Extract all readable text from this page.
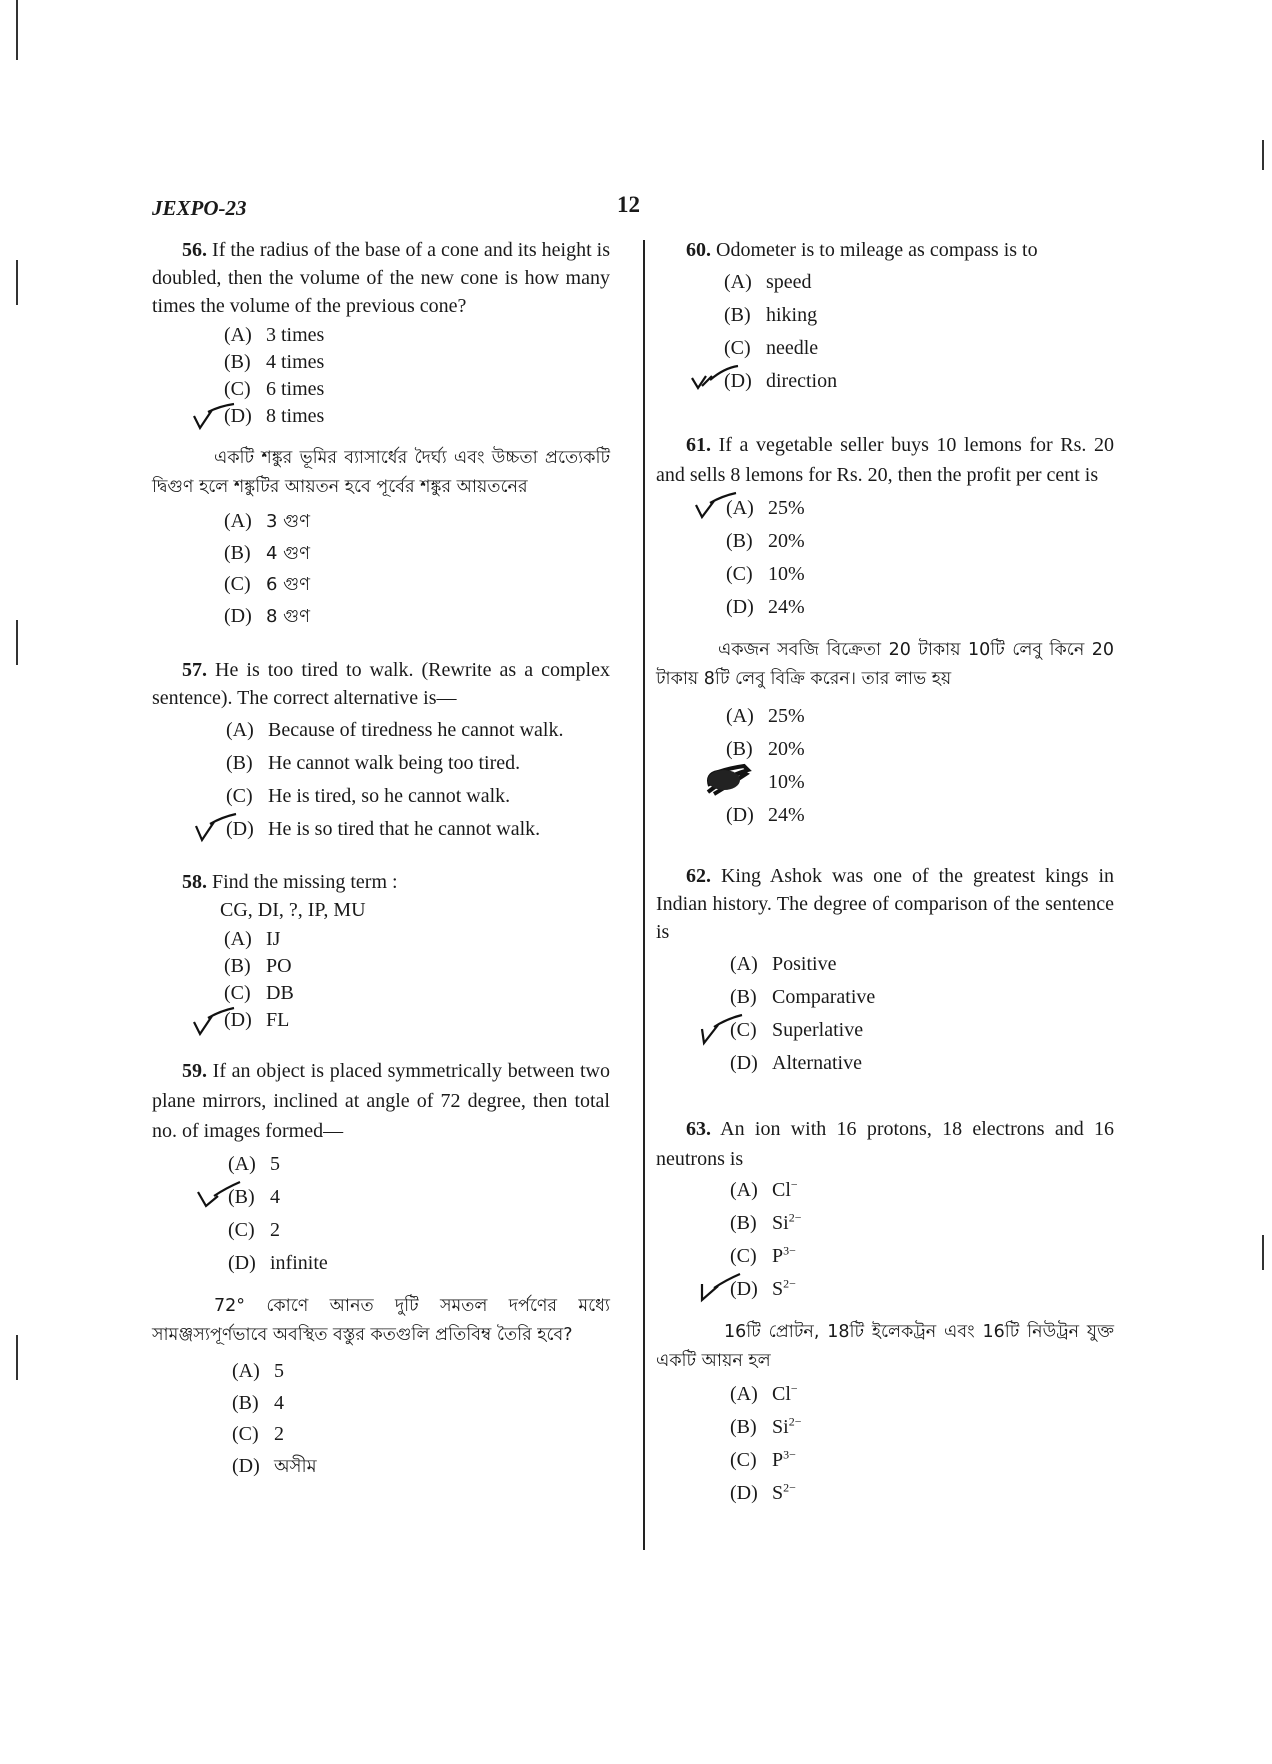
JEXPO-23	12

56. If the radius of the base of a cone and its height is doubled, then the volume of the new cone is how many times the volume of the previous cone?

(A) 3 times
(B) 4 times
(C) 6 times
(D) 8 times

একটি শঙ্কুর ভূমির ব্যাসার্ধের দৈর্ঘ্য এবং উচ্চতা প্রত্যেকটি দ্বিগুণ হলে শঙ্কুটির আয়তন হবে পূর্বের শঙ্কুর আয়তনের

(A) 3 গুণ
(B) 4 গুণ
(C) 6 গুণ
(D) 8 গুণ

57. He is too tired to walk. (Rewrite as a complex sentence). The correct alternative is—

(A) Because of tiredness he cannot walk.
(B) He cannot walk being too tired.
(C) He is tired, so he cannot walk.
(D) He is so tired that he cannot walk.

58. Find the missing term :

CG, DI, ?, IP, MU

(A) IJ
(B) PO
(C) DB
(D) FL

59. If an object is placed symmetrically between two plane mirrors, inclined at angle of 72 degree, then total no. of images formed—

(A) 5
(B) 4
(C) 2
(D) infinite

72° কোণে আনত দুটি সমতল দর্পণের মধ্যে সামঞ্জস্যপূর্ণভাবে অবস্থিত বস্তুর কতগুলি প্রতিবিম্ব তৈরি হবে?

(A) 5
(B) 4
(C) 2
(D) অসীম

60. Odometer is to mileage as compass is to

(A) speed
(B) hiking
(C) needle
(D) direction

61. If a vegetable seller buys 10 lemons for Rs. 20 and sells 8 lemons for Rs. 20, then the profit per cent is

(A) 25%
(B) 20%
(C) 10%
(D) 24%

একজন সবজি বিক্রেতা 20 টাকায় 10টি লেবু কিনে 20 টাকায় 8টি লেবু বিক্রি করেন। তার লাভ হয়

(A) 25%
(B) 20%
10%
(D) 24%

62. King Ashok was one of the greatest kings in Indian history. The degree of comparison of the sentence is

(A) Positive
(B) Comparative
(C) Superlative
(D) Alternative

63. An ion with 16 protons, 18 electrons and 16 neutrons is

(A) Cl−
(B) $Si^{2-}$
(C) $P^{3-}$
(D) $S^{2-}$

16টি প্রোটন, 18টি ইলেকট্রন এবং 16টি নিউট্রন যুক্ত একটি আয়ন হল

(A) Cl−
(B) $Si^{2-}$
(C) $P^{3-}$
(D) $S^{2-}$
